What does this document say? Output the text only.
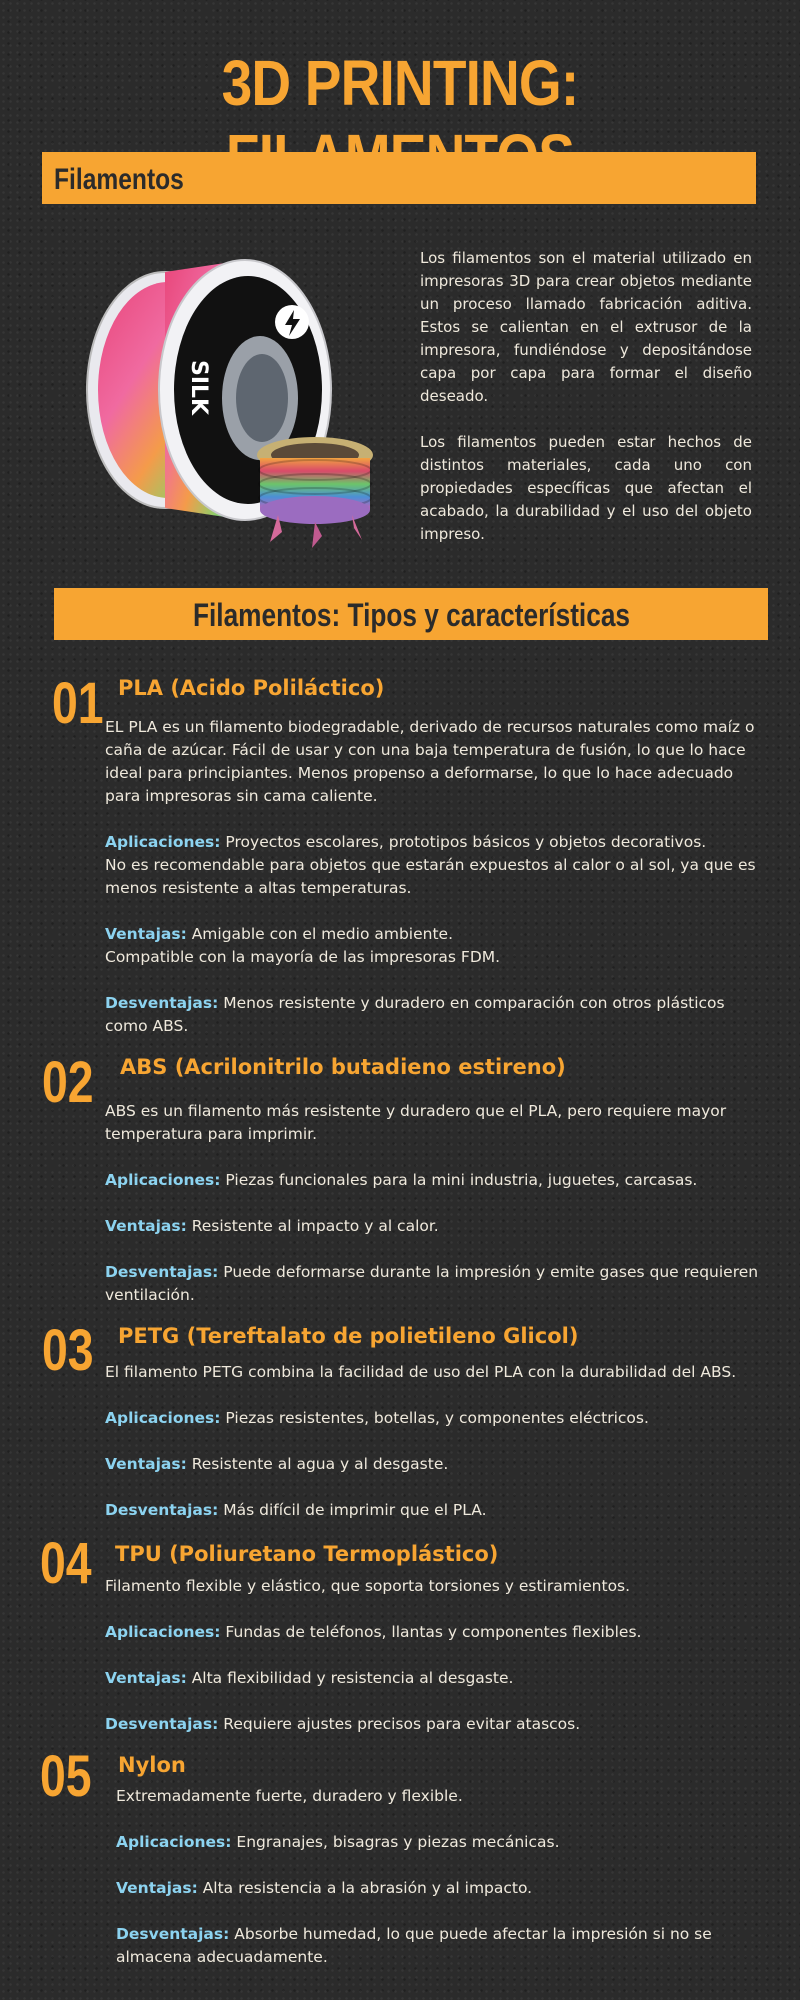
3D PRINTING:
Filamentos
SILK

Los filamentos son el material utilizado en impresoras 3D para crear objetos mediante un proceso llamado fabricación aditiva. Estos se calientan en el extrusor de la impresora, fundiéndose y depositándose capa por capa para formar el diseño deseado.

Los filamentos pueden estar hechos de distintos materiales, cada uno con propiedades específicas que afectan el acabado, la durabilidad y el uso del objeto impreso.

Filamentos: Tipos y características
01 PLA (Acido Poliláctico)

EL PLA es un filamento biodegradable, derivado de recursos naturales como maíz o caña de azúcar. Fácil de usar y con una baja temperatura de fusión, lo que lo hace ideal para principiantes. Menos propenso a deformarse, lo que lo hace adecuado para impresoras sin cama caliente.

Aplicaciones: Proyectos escolares, prototipos básicos y objetos decorativos.
No es recomendable para objetos que estarán expuestos al calor o al sol, ya que es menos resistente a altas temperaturas.

Ventajas: Amigable con el medio ambiente.
Compatible con la mayoría de las impresoras FDM.

Desventajas: Menos resistente y duradero en comparación con otros plásticos como ABS.

02 ABS (Acrilonitrilo butadieno estireno)

ABS es un filamento más resistente y duradero que el PLA, pero requiere mayor temperatura para imprimir.

Aplicaciones: Piezas funcionales para la mini industria, juguetes, carcasas.

Ventajas: Resistente al impacto y al calor.

Desventajas: Puede deformarse durante la impresión y emite gases que requieren ventilación.

03 PETG (Tereftalato de polietileno Glicol)

El filamento PETG combina la facilidad de uso del PLA con la durabilidad del ABS.

Aplicaciones: Piezas resistentes, botellas, y componentes eléctricos.

Ventajas: Resistente al agua y al desgaste.

Desventajas: Más difícil de imprimir que el PLA.

04 TPU (Poliuretano Termoplástico)

Filamento flexible y elástico, que soporta torsiones y estiramientos.

Aplicaciones: Fundas de teléfonos, llantas y componentes flexibles.

Ventajas: Alta flexibilidad y resistencia al desgaste.

Desventajas: Requiere ajustes precisos para evitar atascos.

05 Nylon

Extremadamente fuerte, duradero y flexible.

Aplicaciones: Engranajes, bisagras y piezas mecánicas.

Ventajas: Alta resistencia a la abrasión y al impacto.

Desventajas: Absorbe humedad, lo que puede afectar la impresión si no se almacena adecuadamente.
